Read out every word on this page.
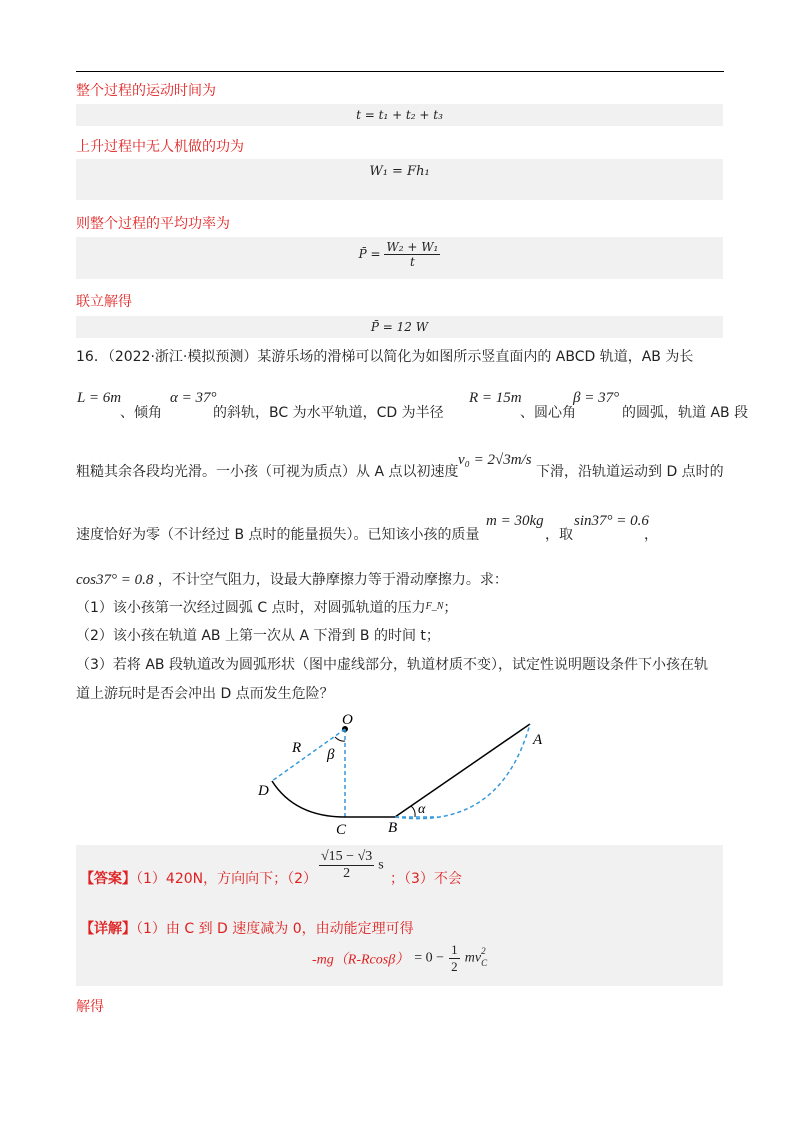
整个过程的运动时间为
t = t₁ + t₂ + t₃
上升过程中无人机做的功为
W₁ = Fh₁
则整个过程的平均功率为
P̄ = $\frac{\text{W₂ + W₁}}{t}$
联立解得
P̄ = 12 W
16．（2022·浙江·模拟预测）某游乐场的滑梯可以简化为如图所示竖直面内的 ABCD 轨道，AB 为长
L = 6m
、倾角
α = 37°
的斜轨，BC 为水平轨道，CD 为半径
R = 15m
、圆心角
β = 37°
的圆弧，轨道 AB 段
粗糙其余各段均光滑。一小孩（可视为质点）从 A 点以初速度
v₀ = 2√3m/s
下滑，沿轨道运动到 D 点时的
速度恰好为零（不计经过 B 点时的能量损失）。已知该小孩的质量
m = 30kg
，取
sin37° = 0.6
，
cos37° = 0.8 ，不计空气阻力，设最大静摩擦力等于滑动摩擦力。求：
（1）该小孩第一次经过圆弧 C 点时，对圆弧轨道的压力$^{F\_N}$；
（2）该小孩在轨道 AB 上第一次从 A 下滑到 B 的时间 t；
（3）若将 AB 段轨道改为圆弧形状（图中虚线部分，轨道材质不变），试定性说明题设条件下小孩在轨
道上游玩时是否会冲出 D 点而发生危险？
O
R β
D
C	B
α
A
【答案】（1）420N，方向向下；$(2) \frac{√15 - √3}{2}$ s
；（3）不会
【详解】（1）由 C 到 D 速度减为 0，由动能定理可得
$-mg(R-Rcos\beta) = 0 - \frac{1}{2}$ mv 2
C
解得
